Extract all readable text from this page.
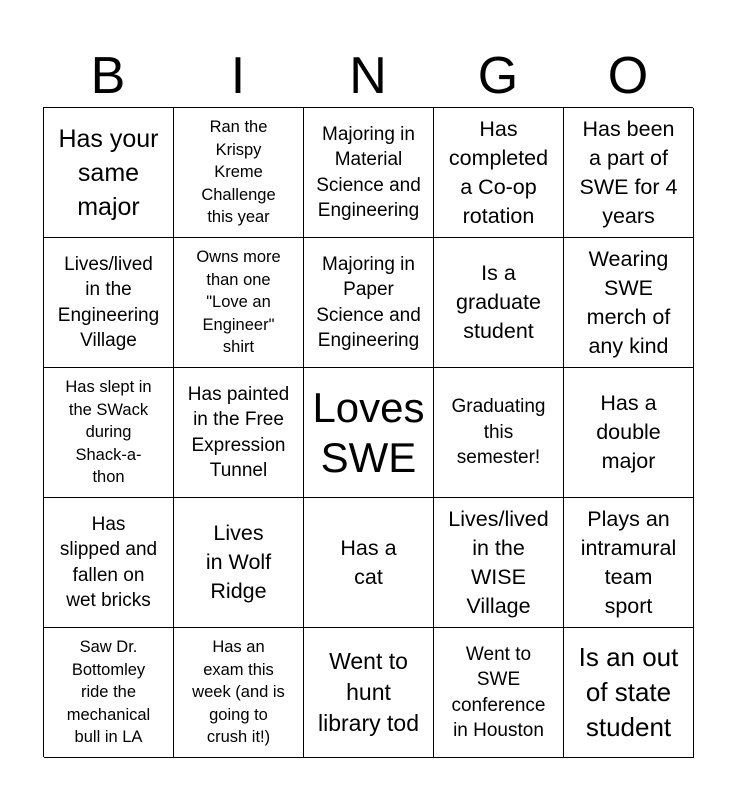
B	I	N	G	O
Has your
same
major
Ran the
Krispy
Kreme
Challenge
this year
Majoring in
Material
Science and
Engineering
Has
completed
a Co-op
rotation
Has been
a part of
SWE for 4
years
Lives/lived
in the
Engineering
Village
Owns more
than one
"Love an
Engineer"
shirt
Majoring in
Paper
Science and
Engineering
Is a
graduate
student
Wearing
SWE
merch of
any kind
Has slept in
the SWack
during
Shack-a-
thon
Has painted
in the Free
Expression
Tunnel
Loves
SWE
Graduating
this
semester!
Has a
double
major
Has
slipped and
fallen on
wet bricks
Lives
in Wolf
Ridge
Has a
cat
Lives/lived
in the
WISE
Village
Plays an
intramural
team
sport
Saw Dr.
Bottomley
ride the
mechanical
bull in LA
Has an
exam this
week (and is
going to
crush it!)
Went to
hunt
library tod
Went to
SWE
conference
in Houston
Is an out
of state
student
